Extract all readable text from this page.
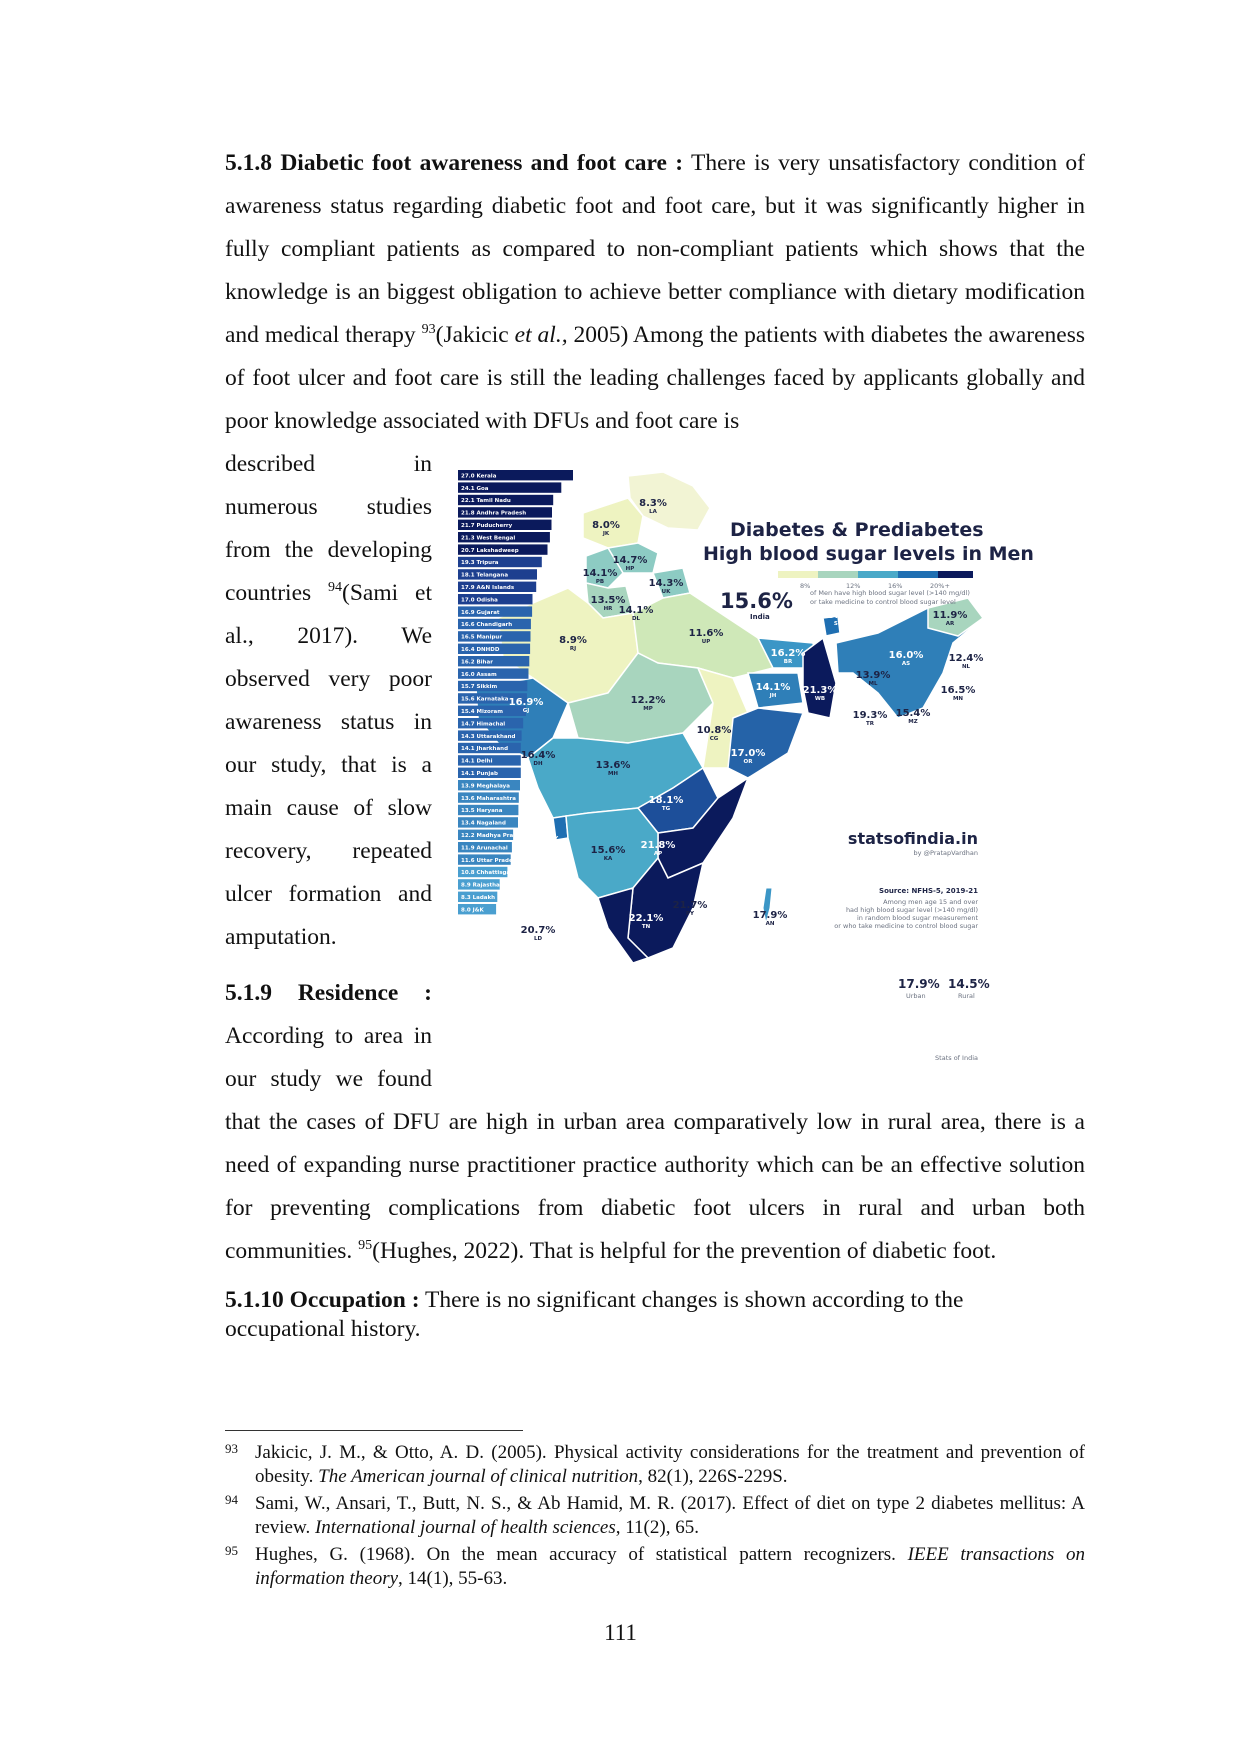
5.1.8 Diabetic foot awareness and foot care : There is very unsatisfactory condition of awareness status regarding diabetic foot and foot care, but it was significantly higher in fully compliant patients as compared to non-compliant patients which shows that the knowledge is an biggest obligation to achieve better compliance with dietary modification and medical therapy $^{93}$(Jakicic et al., 2005) Among the patients with diabetes the awareness of foot ulcer and foot care is still the leading challenges faced by applicants globally and poor knowledge associated with DFUs and foot care is
described in numerous studies from the developing countries $^{94}$(Sami et al., 2017). We observed very poor awareness status in our study, that is a main cause of slow recovery, repeated ulcer formation and amputation.
5.1.9 Residence :
According to area in our study we found
that the cases of DFU are high in urban area comparatively low in rural area, there is a need of expanding nurse practitioner practice authority which can be an effective solution for preventing complications from diabetic foot ulcers in rural and urban both communities. $^{95}$(Hughes, 2022). That is helpful for the prevention of diabetic foot.
5.1.10 Occupation : There is no significant changes is shown according to the occupational history.
93 Jakicic, J. M., & Otto, A. D. (2005). Physical activity considerations for the treatment and prevention of obesity. The American journal of clinical nutrition, 82(1), 226S-229S.
94 Sami, W., Ansari, T., Butt, N. S., & Ab Hamid, M. R. (2017). Effect of diet on type 2 diabetes mellitus: A review. International journal of health sciences, 11(2), 65.
95 Hughes, G. (1968). On the mean accuracy of statistical pattern recognizers. IEEE transactions on information theory, 14(1), 55-63.
111
27.0 Kerala
24.1 Goa
22.1 Tamil Nadu
21.8 Andhra Pradesh
21.7 Puducherry
21.3 West Bengal
20.7 Lakshadweep
19.3 Tripura
18.1 Telangana
17.9 A&N Islands
17.0 Odisha
16.9 Gujarat
16.6 Chandigarh
16.5 Manipur
16.4 DNHDD
16.2 Bihar
16.0 Assam
15.7 Sikkim
15.6 Karnataka
15.4 Mizoram
14.7 Himachal
14.3 Uttarakhand
14.1 Jharkhand
14.1 Delhi
14.1 Punjab
13.9 Meghalaya
13.6 Maharashtra
13.5 Haryana
13.4 Nagaland
12.2 Madhya Pradesh
11.9 Arunachal
11.6 Uttar Pradesh
10.8 Chhattisgarh
8.9 Rajasthan
8.3 Ladakh
8.0 J&K
Diabetes & Prediabetes
High blood sugar levels in Men
8%	12%	16%	20%+
15.6%
India
of Men have high blood sugar level (>140 mg/dl)
or take medicine to control blood sugar level
statsofindia.in
by @PratapVardhan
Source: NFHS-5, 2019-21
Among men age 15 and over
had high blood sugar level (>140 mg/dl)
in random blood sugar measurement
or who take medicine to control blood sugar
17.9%
Urban
14.5%
Rural
Stats of India
8.3%
LA
8.0%
JK
14.7%
HP
14.1%
PB	14.3%
UK
13.5%
HR 14.1%
DL
8.9%
RJ
11.6%
UP
16.2%
BR
14.1%
JH	21.3%
WB
15.7%
SK
11.9%
AR
16.0%
AS	12.4%
NL
13.9%
ML
16.5%
MN
19.3%
TR
15.4%
MZ
16.9%
GJ
12.2%
MP
10.8%
CG
17.0%
OR
16.4%
DH	13.6%
MH
18.1%
TG
24.1%
GA	15.6%
KA
21.8%
AP
21.7%
PY	17.9%
AN
22.1%
TN
27.0%
KL
20.7%
LD
